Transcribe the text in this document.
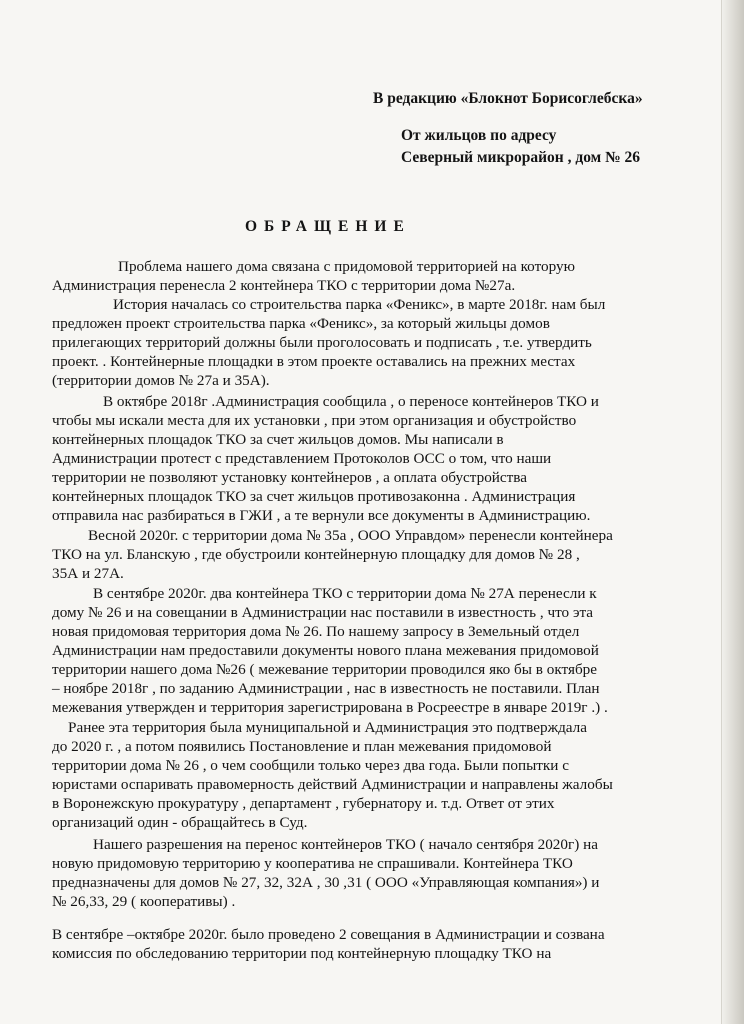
В редакцию «Блокнот Борисоглебска»
От жильцов по адресу
Северный микрорайон , дом № 26
ОБРАЩЕНИЕ
Проблема нашего дома связана с придомовой территорией на которую
Администрация перенесла 2 контейнера ТКО с территории дома №27а.
История началась со строительства парка «Феникс», в марте 2018г. нам был
предложен проект строительства парка «Феникс», за который жильцы домов
прилегающих территорий должны были проголосовать и подписать , т.е. утвердить
проект. . Контейнерные площадки в этом проекте оставались на прежних местах
(территории домов № 27а и 35А).
В октябре 2018г .Администрация сообщила , о переносе контейнеров ТКО и
чтобы мы искали места для их установки , при этом организация и обустройство
контейнерных площадок ТКО за счет жильцов домов. Мы написали в
Администрации протест с представлением Протоколов ОСС о том, что наши
территории не позволяют установку контейнеров , а оплата обустройства
контейнерных площадок ТКО за счет жильцов противозаконна . Администрация
отправила нас разбираться в ГЖИ , а те вернули все документы в Администрацию.
Весной 2020г. с территории дома № 35а , ООО Управдом» перенесли контейнера
ТКО на ул. Бланскую , где обустроили контейнерную площадку для домов № 28 ,
35А и 27А.
В сентябре 2020г. два контейнера ТКО с территории дома № 27А перенесли к
дому № 26 и на совещании в Администрации нас поставили в известность , что эта
новая придомовая территория дома № 26. По нашему запросу в Земельный отдел
Администрации нам предоставили документы нового плана межевания придомовой
территории нашего дома №26 ( межевание территории проводился яко бы в октябре
– ноябре 2018г , по заданию Администрации , нас в известность не поставили. План
межевания утвержден и территория зарегистрирована в Росреестре в январе 2019г .) .
Ранее эта территория была муниципальной и Администрация это подтверждала
до 2020 г. , а потом появились Постановление и план межевания придомовой
территории дома № 26 , о чем сообщили только через два года. Были попытки с
юристами оспаривать правомерность действий Администрации и направлены жалобы
в Воронежскую прокуратуру , департамент , губернатору и. т.д. Ответ от этих
организаций один - обращайтесь в Суд.
Нашего разрешения на перенос контейнеров ТКО ( начало сентября 2020г) на
новую придомовую территорию у кооператива не спрашивали. Контейнера ТКО
предназначены для домов № 27, 32, 32А , 30 ,31 ( ООО «Управляющая компания») и
№ 26,33, 29 ( кооперативы) .
В сентябре –октябре 2020г. было проведено 2 совещания в Администрации и созвана
комиссия по обследованию территории под контейнерную площадку ТКО на
